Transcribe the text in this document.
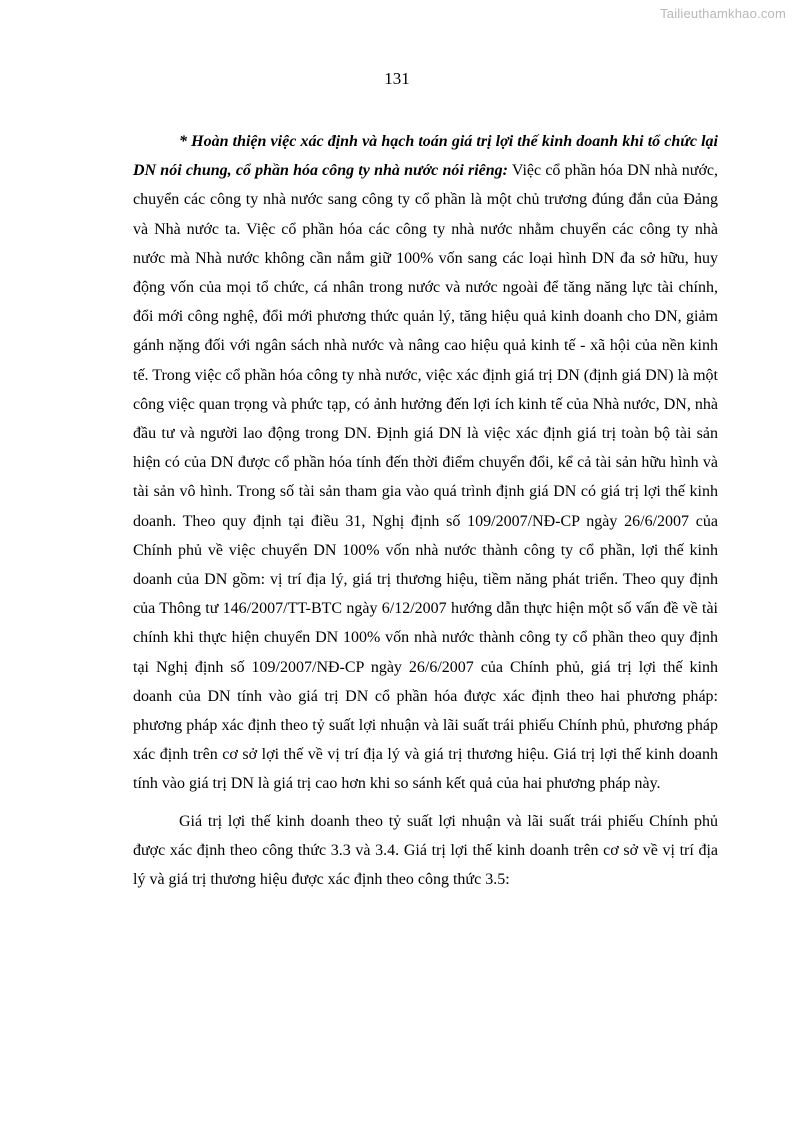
Tailieuthamkhao.com
131

* Hoàn thiện việc xác định và hạch toán giá trị lợi thế kinh doanh khi tổ chức lại DN nói chung, cổ phần hóa công ty nhà nước nói riêng: Việc cổ phần hóa DN nhà nước, chuyển các công ty nhà nước sang công ty cổ phần là một chủ trương đúng đắn của Đảng và Nhà nước ta. Việc cổ phần hóa các công ty nhà nước nhằm chuyển các công ty nhà nước mà Nhà nước không cần nắm giữ 100% vốn sang các loại hình DN đa sở hữu, huy động vốn của mọi tổ chức, cá nhân trong nước và nước ngoài để tăng năng lực tài chính, đổi mới công nghệ, đổi mới phương thức quản lý, tăng hiệu quả kinh doanh cho DN, giảm gánh nặng đối với ngân sách nhà nước và nâng cao hiệu quả kinh tế - xã hội của nền kinh tế. Trong việc cổ phần hóa công ty nhà nước, việc xác định giá trị DN (định giá DN) là một công việc quan trọng và phức tạp, có ảnh hưởng đến lợi ích kinh tế của Nhà nước, DN, nhà đầu tư và người lao động trong DN. Định giá DN là việc xác định giá trị toàn bộ tài sản hiện có của DN được cổ phần hóa tính đến thời điểm chuyển đổi, kể cả tài sản hữu hình và tài sản vô hình. Trong số tài sản tham gia vào quá trình định giá DN có giá trị lợi thế kinh doanh. Theo quy định tại điều 31, Nghị định số 109/2007/NĐ-CP ngày 26/6/2007 của Chính phủ về việc chuyển DN 100% vốn nhà nước thành công ty cổ phần, lợi thế kinh doanh của DN gồm: vị trí địa lý, giá trị thương hiệu, tiềm năng phát triển. Theo quy định của Thông tư 146/2007/TT-BTC ngày 6/12/2007 hướng dẫn thực hiện một số vấn đề về tài chính khi thực hiện chuyển DN 100% vốn nhà nước thành công ty cổ phần theo quy định tại Nghị định số 109/2007/NĐ-CP ngày 26/6/2007 của Chính phủ, giá trị lợi thế kinh doanh của DN tính vào giá trị DN cổ phần hóa được xác định theo hai phương pháp: phương pháp xác định theo tỷ suất lợi nhuận và lãi suất trái phiếu Chính phủ, phương pháp xác định trên cơ sở lợi thế về vị trí địa lý và giá trị thương hiệu. Giá trị lợi thế kinh doanh tính vào giá trị DN là giá trị cao hơn khi so sánh kết quả của hai phương pháp này.

Giá trị lợi thế kinh doanh theo tỷ suất lợi nhuận và lãi suất trái phiếu Chính phủ được xác định theo công thức 3.3 và 3.4. Giá trị lợi thế kinh doanh trên cơ sở về vị trí địa lý và giá trị thương hiệu được xác định theo công thức 3.5:
